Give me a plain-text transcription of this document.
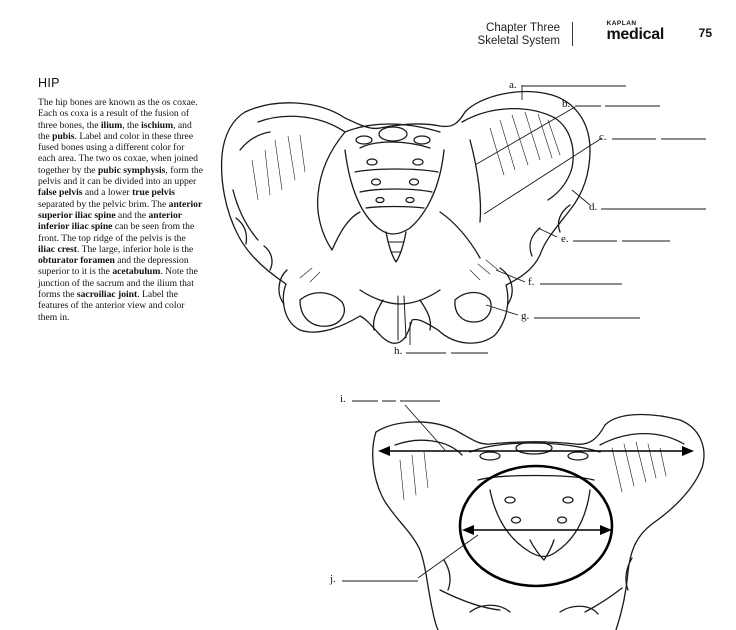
Chapter Three
Skeletal System
KAPLAN
medical	75
HIP
The hip bones are known as the os coxae. Each os coxa is a result of the fusion of three bones, the ilium, the ischium, and the pubis. Label and color in these three fused bones using a different color for each area. The two os coxae, when joined together by the pubic symphysis, form the pelvis and it can be divided into an upper false pelvis and a lower true pelvis separated by the pelvic brim. The anterior superior iliac spine and the anterior inferior iliac spine can be seen from the front. The top ridge of the pelvis is the iliac crest. The large, inferior hole is the obturator foramen and the depression superior to it is the acetabulum. Note the junction of the sacrum and the ilium that forms the sacroiliac joint. Label the features of the anterior view and color them in.
a.
b.
c.
d.
e.
f.
g.
h.
i.
j.
